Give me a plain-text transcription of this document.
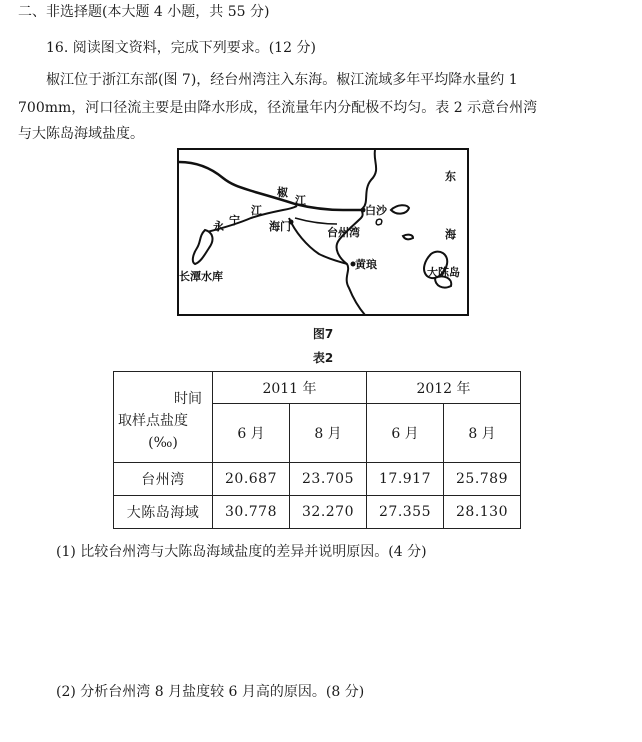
二、非选择题(本大题 4 小题，共 55 分)
16. 阅读图文资料，完成下列要求。(12 分)
椒江位于浙江东部(图 7)，经台州湾注入东海。椒江流域多年平均降水量约 1
700mm，河口径流主要是由降水形成，径流量年内分配极不均匀。表 2 示意台州湾
与大陈岛海域盐度。
东
海
椒
江
白沙
永 宁
江
海门	台州湾
黄琅
长潭水库	大陈岛
图7
表2
时间
取样点盐度
(‰)	2011 年		2012 年	
	6 月	8 月	6 月	8 月
台州湾	20.687	23.705	17.917	25.789
大陈岛海域	30.778	32.270	27.355	28.130
(1) 比较台州湾与大陈岛海域盐度的差异并说明原因。(4 分)
(2) 分析台州湾 8 月盐度较 6 月高的原因。(8 分)
